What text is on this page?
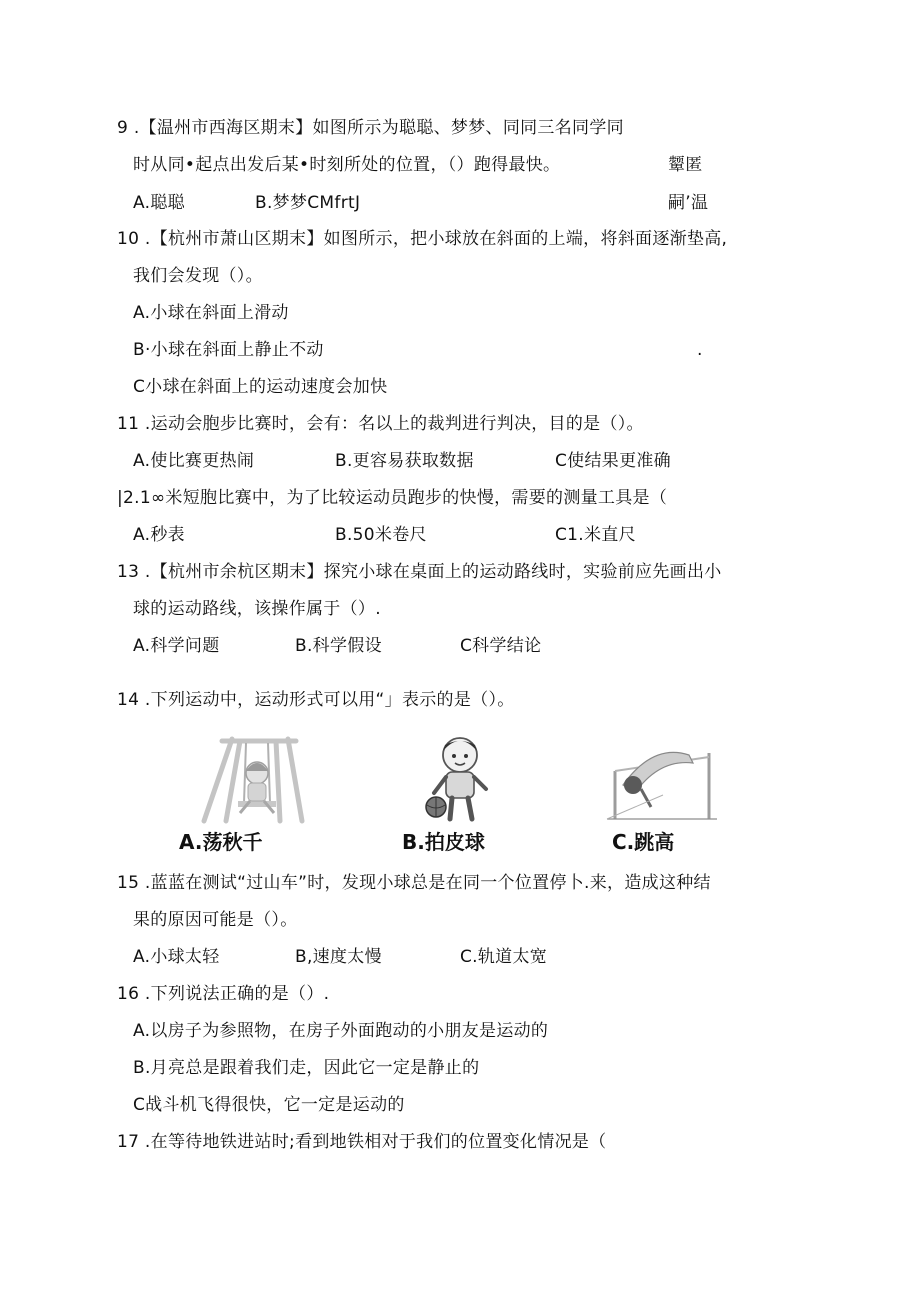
9 .【温州市西海区期末】如图所示为聪聪、梦梦、同同三名同学同
时从同•起点出发后某•时刻所处的位置，（）跑得最快。	颦匿
A.聪聪	B.梦梦CMfrtJ	嗣’温
10 .【杭州市萧山区期末】如图所示，把小球放在斜面的上端，将斜面逐渐垫高,
我们会发现（）。
A.小球在斜面上滑动
B·小球在斜面上静止不动	.
C小球在斜面上的运动速度会加快
11 .运动会胞步比赛时，会有：名以上的裁判进行判决，目的是（）。
A.使比赛更热闹	B.更容易获取数据	C使结果更准确
|2.1∞米短胞比赛中，为了比较运动员跑步的快慢，需要的测量工具是（
A.秒表	B.50米卷尺	C1.米直尺
13 .【杭州市余杭区期末】探究小球在桌面上的运动路线时，实验前应先画出小
球的运动路线，该操作属于（）.
A.科学问题	B.科学假设	C科学结论
14 .下列运动中，运动形式可以用“」表示的是（）。
A.荡秋千	B.拍皮球	C.跳高
15 .蓝蓝在测试“过山车”时，发现小球总是在同一个位置停卜.来，造成这种结
果的原因可能是（）。
A.小球太轻	B,速度太慢	C.轨道太宽
16 .下列说法正确的是（）.
A.以房子为参照物，在房子外面跑动的小朋友是运动的
B.月亮总是跟着我们走，因此它一定是静止的
C战斗机飞得很快，它一定是运动的
17 .在等待地铁进站时;看到地铁相对于我们的位置变化情况是（
